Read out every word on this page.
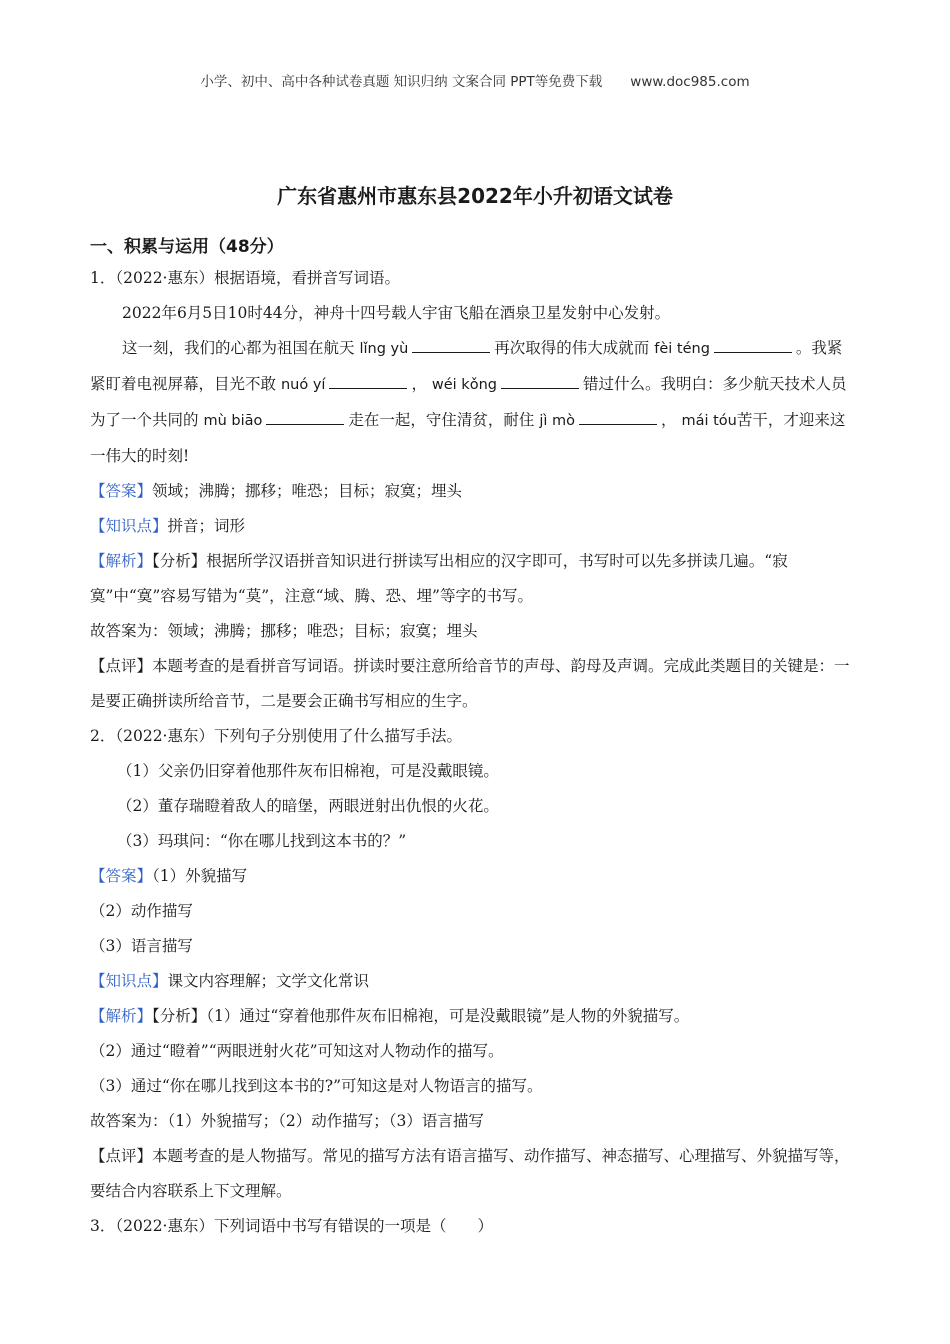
小学、初中、高中各种试卷真题 知识归纳 文案合同 PPT等免费下载 www.doc985.com
广东省惠州市惠东县2022年小升初语文试卷
一、积累与运用（48分）

1．（2022·惠东）根据语境，看拼音写词语。

2022年6月5日10时44分，神舟十四号载人宇宙飞船在酒泉卫星发射中心发射。

这一刻，我们的心都为祖国在航天 lǐng yù	再次取得的伟大成就而 fèi téng	。我紧紧盯着电视屏幕，目光不敢 nuó yí	， wéi kǒng	错过什么。我明白：多少航天技术人员为了一个共同的 mù biāo	走在一起，守住清贫，耐住 jì mò	， mái tóu苦干，才迎来这一伟大的时刻!

【答案】领域；沸腾；挪移；唯恐；目标；寂寞；埋头

【知识点】拼音；词形

【解析】【分析】根据所学汉语拼音知识进行拼读写出相应的汉字即可，书写时可以先多拼读几遍。“寂寞”中“寞”容易写错为“莫”，注意“域、腾、恐、埋”等字的书写。

故答案为：领域；沸腾；挪移；唯恐；目标；寂寞；埋头

【点评】本题考查的是看拼音写词语。拼读时要注意所给音节的声母、韵母及声调。完成此类题目的关键是：一是要正确拼读所给音节，二是要会正确书写相应的生字。

2．（2022·惠东）下列句子分别使用了什么描写手法。

（1）父亲仍旧穿着他那件灰布旧棉袍，可是没戴眼镜。

（2）董存瑞瞪着敌人的暗堡，两眼迸射出仇恨的火花。

（3）玛琪问：“你在哪儿找到这本书的？”

【答案】（1）外貌描写

（2）动作描写

（3）语言描写

【知识点】课文内容理解；文学文化常识

【解析】【分析】（1）通过“穿着他那件灰布旧棉袍，可是没戴眼镜”是人物的外貌描写。

（2）通过“瞪着”“两眼迸射火花”可知这对人物动作的描写。

（3）通过“你在哪儿找到这本书的?”可知这是对人物语言的描写。

故答案为：（1）外貌描写；（2）动作描写；（3）语言描写

【点评】本题考查的是人物描写。常见的描写方法有语言描写、动作描写、神态描写、心理描写、外貌描写等，要结合内容联系上下文理解。

3．（2022·惠东）下列词语中书写有错误的一项是（　　）
